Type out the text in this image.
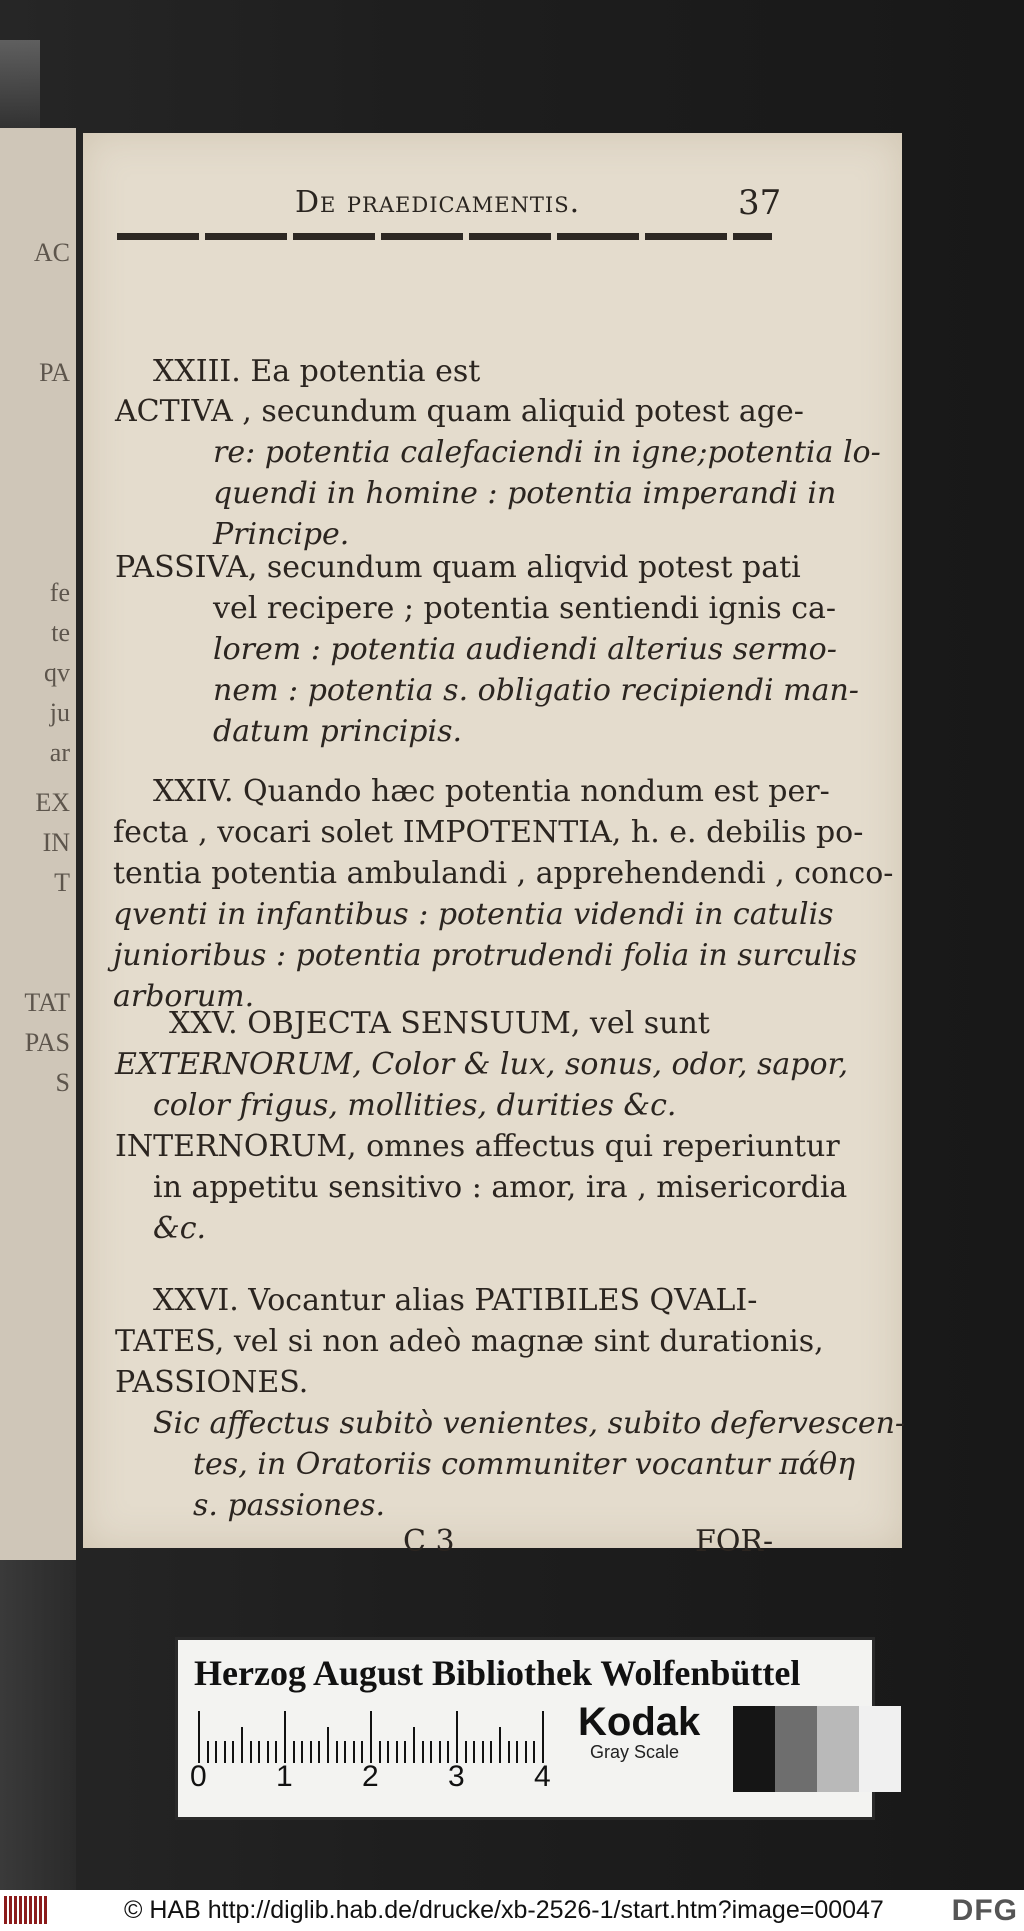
AC
PA
fe
te
qv
ju
ar
EX
IN
T
TAT
PAS
S
De praedicamentis.	37
XXIII. Ea potentia est
ACTIVA , secundum quam aliquid potest age-
re: potentia calefaciendi in igne;potentia lo-
quendi in homine : potentia imperandi in
Principe.
PASSIVA, secundum quam aliqvid potest pati
vel recipere ; potentia sentiendi ignis ca-
lorem : potentia audiendi alterius sermo-
nem : potentia s. obligatio recipiendi man-
datum principis.
XXIV. Quando hæc potentia nondum est per-
fecta , vocari solet IMPOTENTIA, h. e. debilis po-
tentia potentia ambulandi , apprehendendi , conco-
qventi in infantibus : potentia videndi in catulis
junioribus : potentia protrudendi folia in surculis
arborum.
XXV. OBJECTA SENSUUM, vel sunt
EXTERNORUM, Color & lux, sonus, odor, sapor,
color frigus, mollities, durities &c.
INTERNORUM, omnes affectus qui reperiuntur
in appetitu sensitivo : amor, ira , misericordia
&c.
XXVI. Vocantur alias PATIBILES QVALI-
TATES, vel si non adeò magnæ sint durationis,
PASSIONES.
Sic affectus subitò venientes, subito defervescen-
tes, in Oratoriis communiter vocantur πάθη
s. passiones.
C 3	FOR-
Herzog August Bibliothek Wolfenbüttel
0 1 2 3 4
Kodak
Gray Scale
© HAB http://diglib.hab.de/drucke/xb-2526-1/start.htm?image=00047 DFG
